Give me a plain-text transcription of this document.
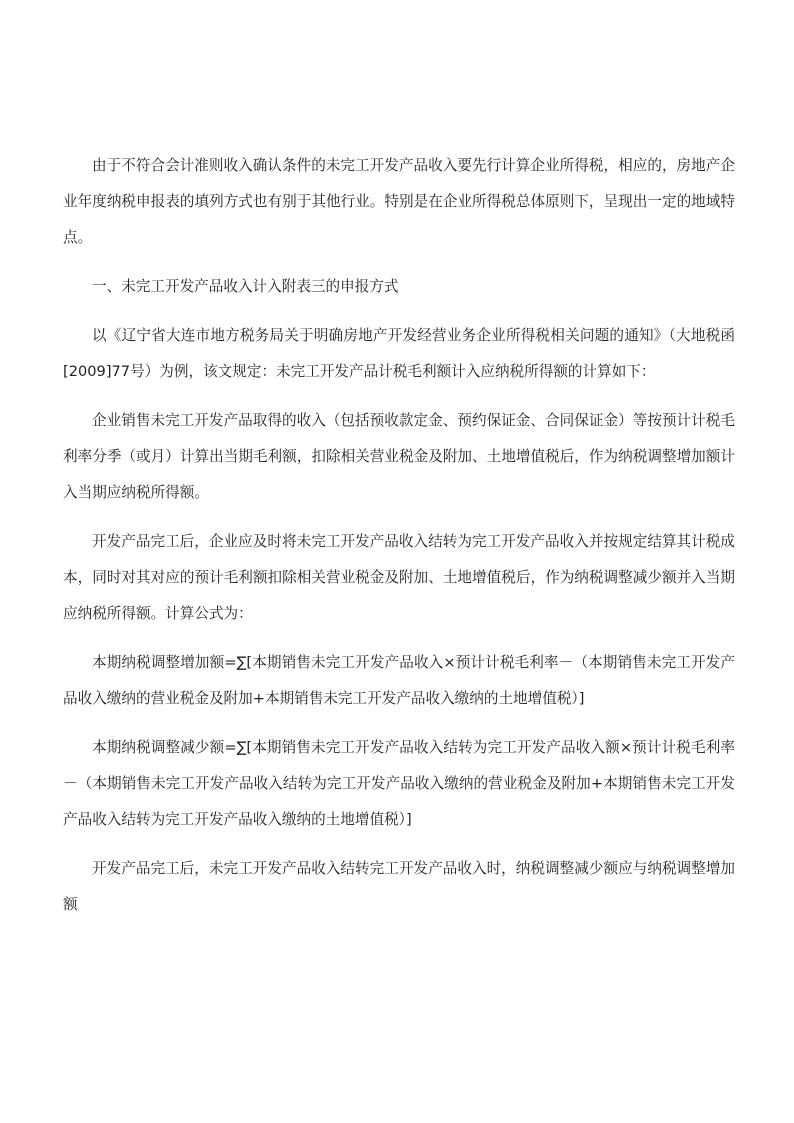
由于不符合会计准则收入确认条件的未完工开发产品收入要先行计算企业所得税，相应的，房地产企业年度纳税申报表的填列方式也有别于其他行业。特别是在企业所得税总体原则下，呈现出一定的地域特点。

一、未完工开发产品收入计入附表三的申报方式

以《辽宁省大连市地方税务局关于明确房地产开发经营业务企业所得税相关问题的通知》（大地税函[2009]77号）为例，该文规定：未完工开发产品计税毛利额计入应纳税所得额的计算如下：

企业销售未完工开发产品取得的收入（包括预收款定金、预约保证金、合同保证金）等按预计计税毛利率分季（或月）计算出当期毛利额，扣除相关营业税金及附加、土地增值税后，作为纳税调整增加额计入当期应纳税所得额。

开发产品完工后，企业应及时将未完工开发产品收入结转为完工开发产品收入并按规定结算其计税成本，同时对其对应的预计毛利额扣除相关营业税金及附加、土地增值税后，作为纳税调整减少额并入当期应纳税所得额。计算公式为：

本期纳税调整增加额=∑[本期销售未完工开发产品收入×预计计税毛利率－（本期销售未完工开发产品收入缴纳的营业税金及附加+本期销售未完工开发产品收入缴纳的土地增值税）]

本期纳税调整减少额=∑[本期销售未完工开发产品收入结转为完工开发产品收入额×预计计税毛利率－（本期销售未完工开发产品收入结转为完工开发产品收入缴纳的营业税金及附加+本期销售未完工开发产品收入结转为完工开发产品收入缴纳的土地增值税）]

开发产品完工后，未完工开发产品收入结转完工开发产品收入时，纳税调整减少额应与纳税调整增加额
